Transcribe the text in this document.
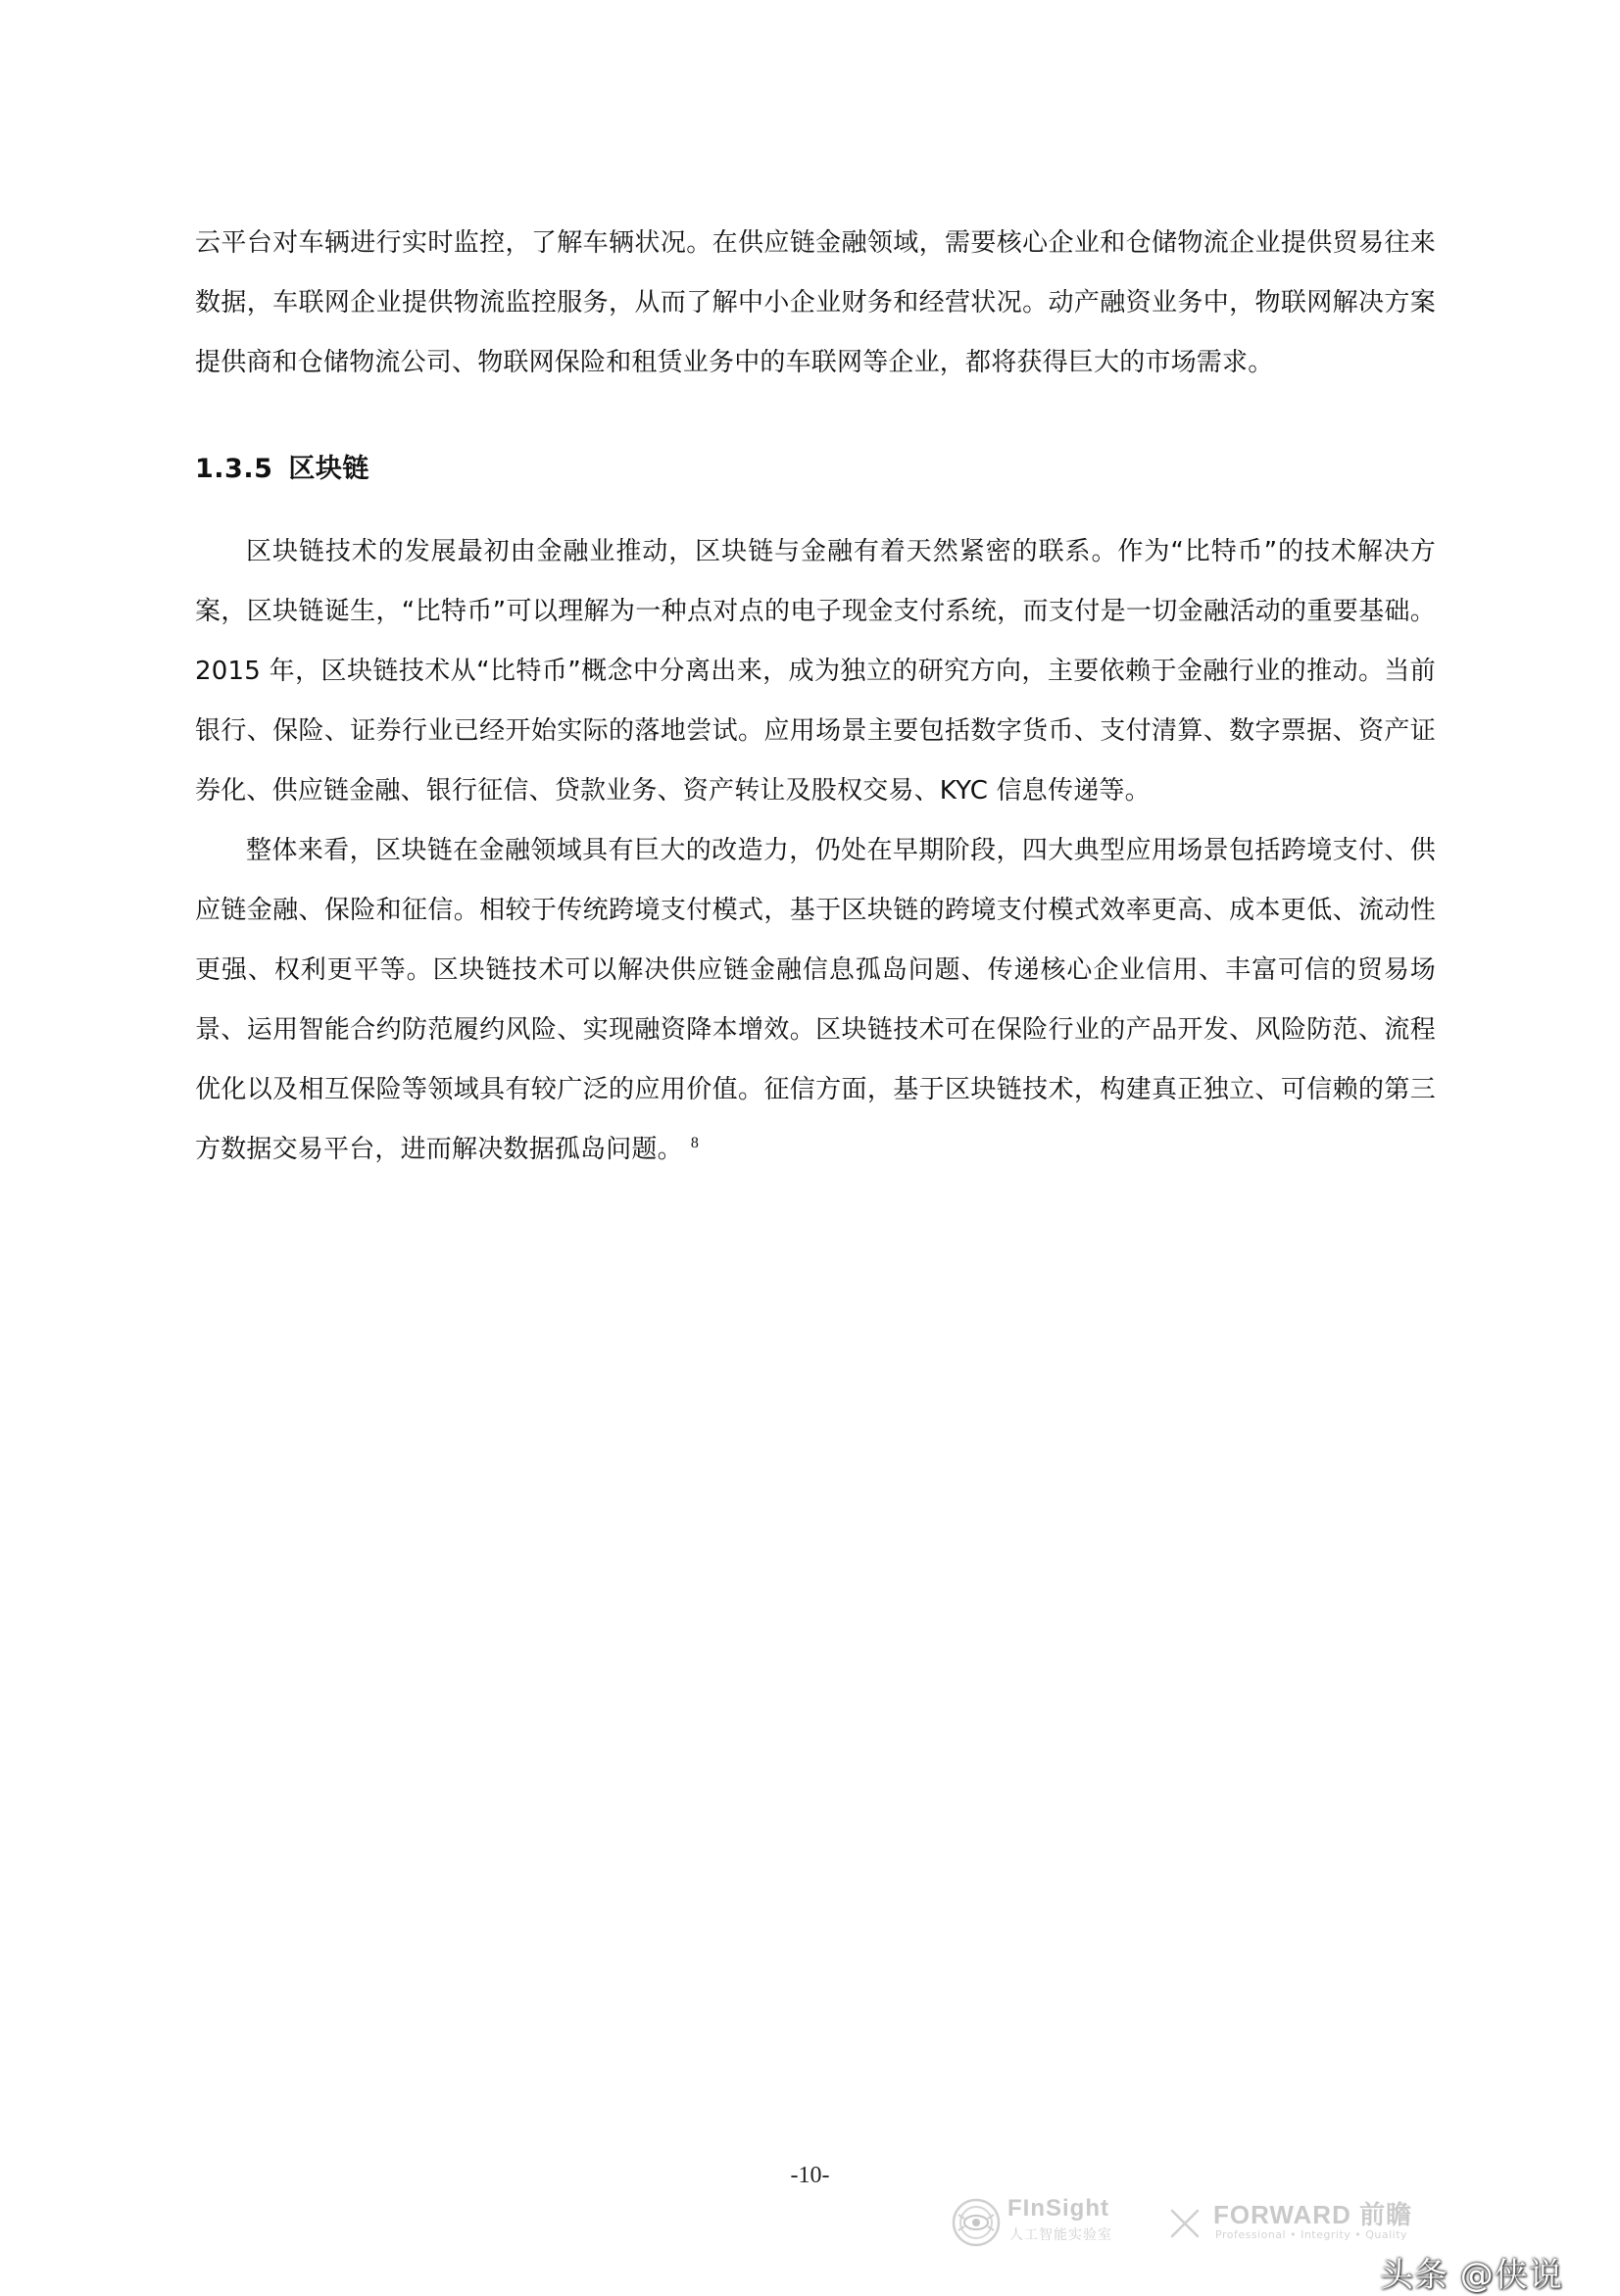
云平台对车辆进行实时监控，了解车辆状况。在供应链金融领域，需要核心企业和仓储物流企业提供贸易往来数据，车联网企业提供物流监控服务，从而了解中小企业财务和经营状况。动产融资业务中，物联网解决方案提供商和仓储物流公司、物联网保险和租赁业务中的车联网等企业，都将获得巨大的市场需求。

1.3.5 区块链

区块链技术的发展最初由金融业推动，区块链与金融有着天然紧密的联系。作为“比特币”的技术解决方案，区块链诞生，“比特币”可以理解为一种点对点的电子现金支付系统，而支付是一切金融活动的重要基础。2015 年，区块链技术从“比特币”概念中分离出来，成为独立的研究方向，主要依赖于金融行业的推动。当前银行、保险、证券行业已经开始实际的落地尝试。应用场景主要包括数字货币、支付清算、数字票据、资产证券化、供应链金融、银行征信、贷款业务、资产转让及股权交易、KYC 信息传递等。

整体来看，区块链在金融领域具有巨大的改造力，仍处在早期阶段，四大典型应用场景包括跨境支付、供应链金融、保险和征信。相较于传统跨境支付模式，基于区块链的跨境支付模式效率更高、成本更低、流动性更强、权利更平等。区块链技术可以解决供应链金融信息孤岛问题、传递核心企业信用、丰富可信的贸易场景、运用智能合约防范履约风险、实现融资降本增效。区块链技术可在保险行业的产品开发、风险防范、流程优化以及相互保险等领域具有较广泛的应用价值。征信方面，基于区块链技术，构建真正独立、可信赖的第三方数据交易平台，进而解决数据孤岛问题。 $^8$

-10-
FInSight
人工智能实验室
FORWARD 前瞻
Professional • Integrity • Quality
头条 @侠说
